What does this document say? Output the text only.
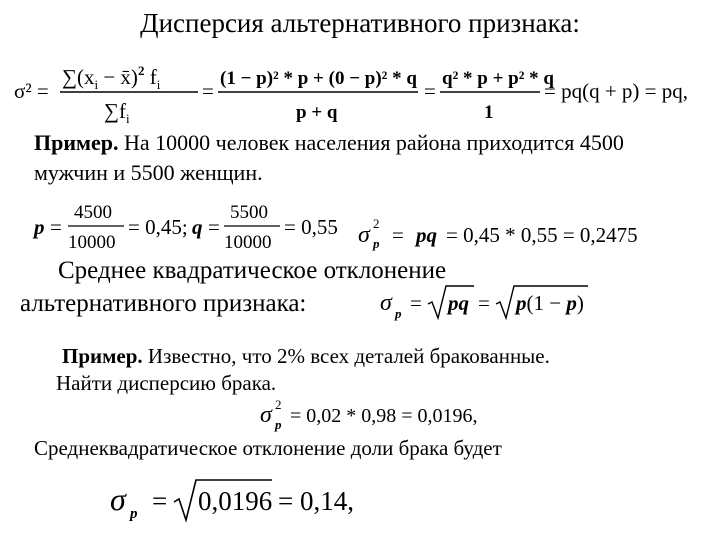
Дисперсия альтернативного признака:
σ² =
$\sum(x_i$ − x̄)$^2$ $f_i$
$\sum f_i$
=
(1 − p)² * p + (0 − p)² * q
p + q
=
q² * p + p² * q
1
= pq(q + p) = pq,
Пример. На 10000 человек населения района приходится 4500
мужчин и 5500 женщин.
p =
4500
10000
= 0,45; q =
5500
10000
= 0,55 σ 2
p = pq = 0,45 * 0,55 = 0,2475
Среднее квадратическое отклонение
альтернативного признака:	σ p = pq = p(1 − p)
Пример. Известно, что 2% всех деталей бракованные.
Найти дисперсию брака.
σ 2
p = 0,02 * 0,98 = 0,0196,
Среднеквадратическое отклонение доли брака будет
σ p = 0,0196 = 0,14,
